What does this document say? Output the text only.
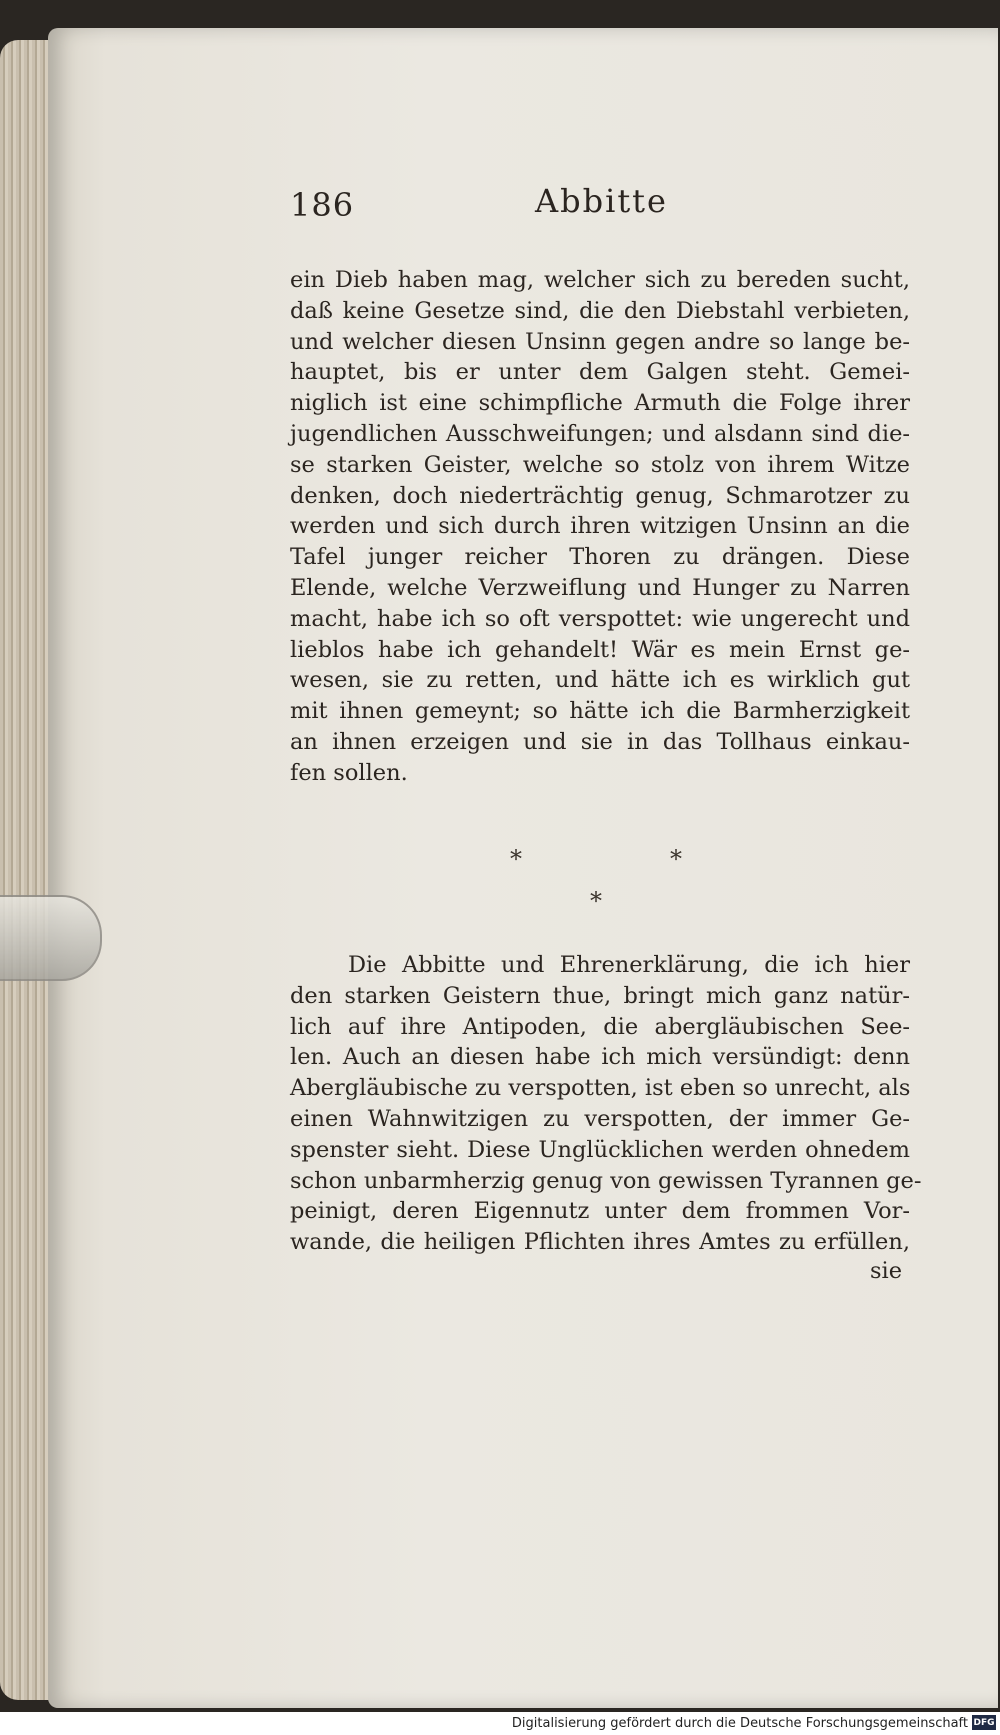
186	Abbitte
ein Dieb haben mag, welcher sich zu bereden sucht,
daß keine Gesetze sind, die den Diebstahl verbieten,
und welcher diesen Unsinn gegen andre so lange be-
hauptet, bis er unter dem Galgen steht. Gemei-
niglich ist eine schimpfliche Armuth die Folge ihrer
jugendlichen Ausschweifungen; und alsdann sind die-
se starken Geister, welche so stolz von ihrem Witze
denken, doch niederträchtig genug, Schmarotzer zu
werden und sich durch ihren witzigen Unsinn an die
Tafel junger reicher Thoren zu drängen. Diese
Elende, welche Verzweiflung und Hunger zu Narren
macht, habe ich so oft verspottet: wie ungerecht und
lieblos habe ich gehandelt! Wär es mein Ernst ge-
wesen, sie zu retten, und hätte ich es wirklich gut
mit ihnen gemeynt; so hätte ich die Barmherzigkeit
an ihnen erzeigen und sie in das Tollhaus einkau-
fen sollen.
*	*
*
Die Abbitte und Ehrenerklärung, die ich hier
den starken Geistern thue, bringt mich ganz natür-
lich auf ihre Antipoden, die abergläubischen See-
len. Auch an diesen habe ich mich versündigt: denn
Abergläubische zu verspotten, ist eben so unrecht, als
einen Wahnwitzigen zu verspotten, der immer Ge-
spenster sieht. Diese Unglücklichen werden ohnedem
schon unbarmherzig genug von gewissen Tyrannen ge-
peinigt, deren Eigennutz unter dem frommen Vor-
wande, die heiligen Pflichten ihres Amtes zu erfüllen,
sie
Digitalisierung gefördert durch die Deutsche Forschungsgemeinschaft DFG
